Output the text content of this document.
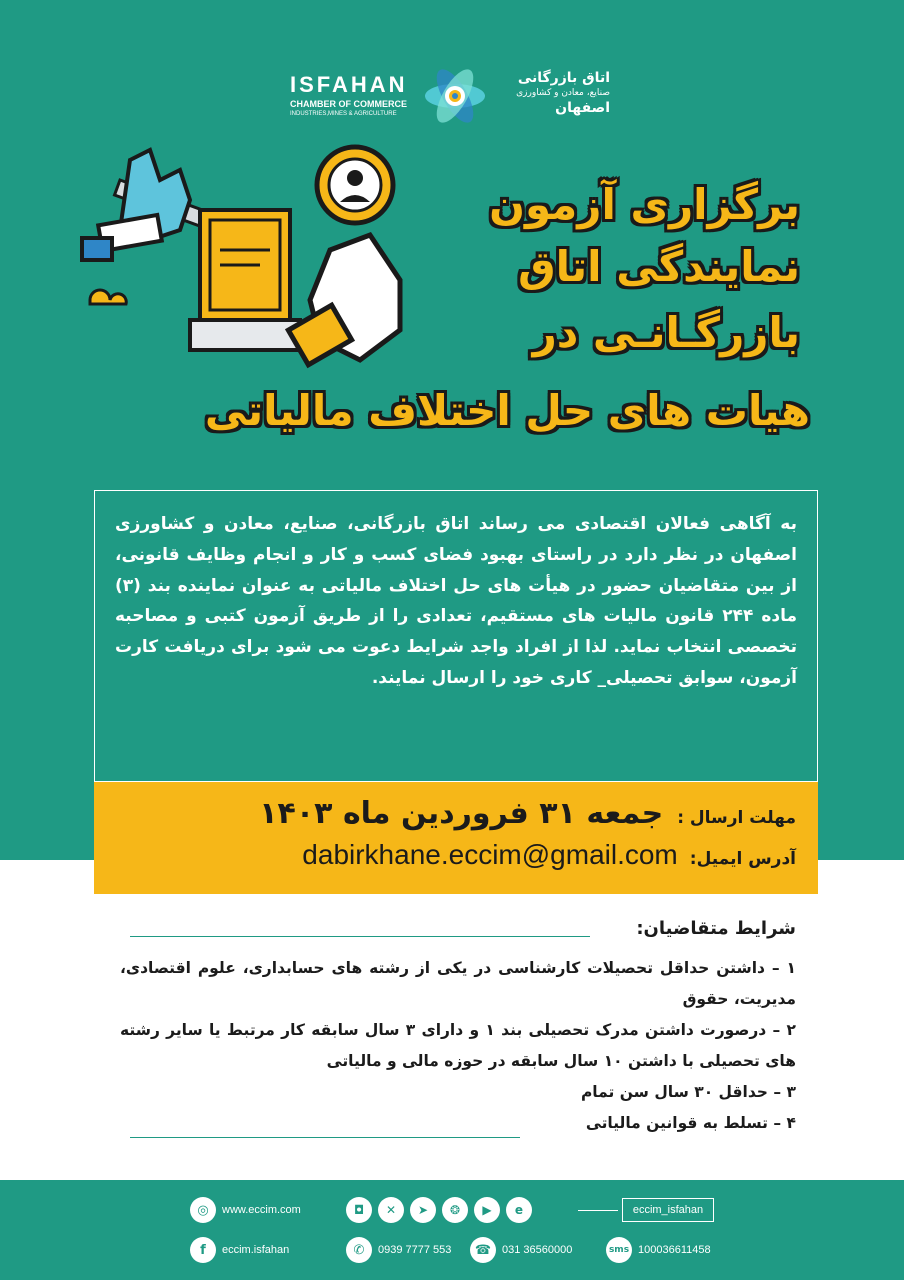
ISFAHAN
CHAMBER OF COMMERCE
INDUSTRIES,MINES & AGRICULTURE
اتاق بازرگانی
صنایع، معادن و کشاورزی
اصفهان
برگزاری آزمون
نمایندگی اتاق
بازرگـانـی در
هیات های حل اختلاف مالیاتی

به آگاهی فعالان اقتصادی می رساند اتاق بازرگانی، صنایع، معادن و کشاورزی اصفهان در نظر دارد در راستای بهبود فضای کسب و کار و انجام وظایف قانونی، از بین متقاضیان حضور در هیأت های حل اختلاف مالیاتی به عنوان نماینده بند (۳) ماده ۲۴۴ قانون مالیات های مستقیم، تعدادی را از طریق آزمون کتبی و مصاحبه تخصصی انتخاب نماید. لذا از افراد واجد شرایط دعوت می شود برای دریافت کارت آزمون، سوابق تحصیلی_ کاری خود را ارسال نمایند.

مهلت ارسال :
جمعه ۳۱ فروردین ماه ۱۴۰۳
آدرس ایمیل:
dabirkhane.eccim@gmail.com
شرایط متقاضیان:

۱ – داشتن حداقل تحصیلات کارشناسی در یکی از رشته های حسابداری، علوم اقتصادی، مدیریت، حقوق

۲ – درصورت داشتن مدرک تحصیلی بند ۱ و دارای ۳ سال سابقه کار مرتبط یا سایر رشته های تحصیلی با داشتن ۱۰ سال سابقه در حوزه مالی و مالیاتی

۳ – حداقل ۳۰ سال سن تمام

۴ – تسلط به قوانین مالیاتی

◎	www.eccim.com
f	eccim.isfahan
◘	✕	➤	❂	▶	e	eccim_isfahan
✆	0939 7777 553	☎ 031 36560000	sms 100036611458
